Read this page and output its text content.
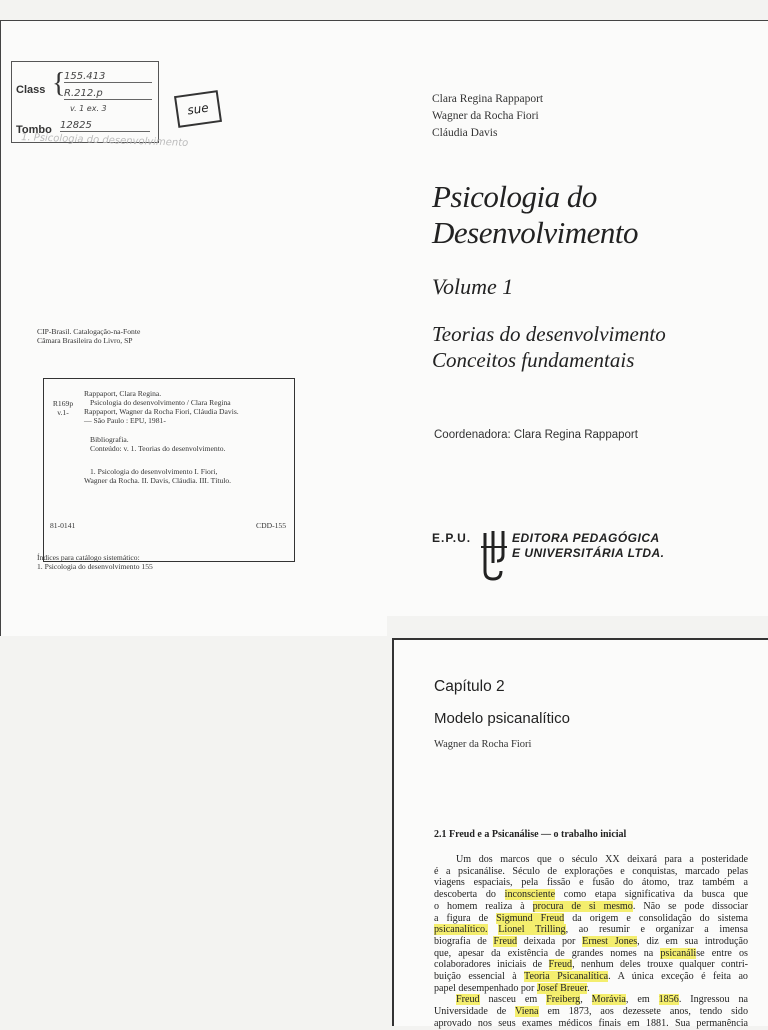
Class {
155.413
R.212.p
v. 1 ex. 3
Tombo 12825
sue
1. Psicologia do desenvolvimento
CIP-Brasil. Catalogação-na-Fonte
Câmara Brasileira do Livro, SP
R169p
v.1-
Rappaport, Clara Regina.
Psicologia do desenvolvimento / Clara Regina
Rappaport, Wagner da Rocha Fiori, Cláudia Davis.
— São Paulo : EPU, 1981-
Bibliografia.
Conteúdo: v. 1. Teorias do desenvolvimento.
1. Psicologia do desenvolvimento I. Fiori,
Wagner da Rocha. II. Davis, Cláudia. III. Título.
81-0141	CDD-155
Índices para catálogo sistemático:
1. Psicologia do desenvolvimento 155
Clara Regina Rappaport
Wagner da Rocha Fiori
Cláudia Davis
Psicologia do
Desenvolvimento
Volume 1
Teorias do desenvolvimento
Conceitos fundamentais
Coordenadora: Clara Regina Rappaport
E.P.U.	EDITORA PEDAGÓGICA
E UNIVERSITÁRIA LTDA.
Capítulo 2
Modelo psicanalítico
Wagner da Rocha Fiori
2.1 Freud e a Psicanálise — o trabalho inicial
Um dos marcos que o século XX deixará para a posteridade
é a psicanálise. Século de explorações e conquistas, marcado pelas
viagens espaciais, pela fissão e fusão do átomo, traz também a
descoberta do inconsciente como etapa significativa da busca que
o homem realiza à procura de si mesmo. Não se pode dissociar
a figura de Sigmund Freud da origem e consolidação do sistema
psicanalítico. Lionel Trilling, ao resumir e organizar a imensa
biografia de Freud deixada por Ernest Jones, diz em sua introdução
que, apesar da existência de grandes nomes na psicanálise entre os
colaboradores iniciais de Freud, nenhum deles trouxe qualquer contri-
buição essencial à Teoria Psicanalítica. A única exceção é feita ao
papel desempenhado por Josef Breuer.
Freud nasceu em Freiberg, Morávia, em 1856. Ingressou na
Universidade de Viena em 1873, aos dezessete anos, tendo sido
aprovado nos seus exames médicos finais em 1881. Sua permanência
